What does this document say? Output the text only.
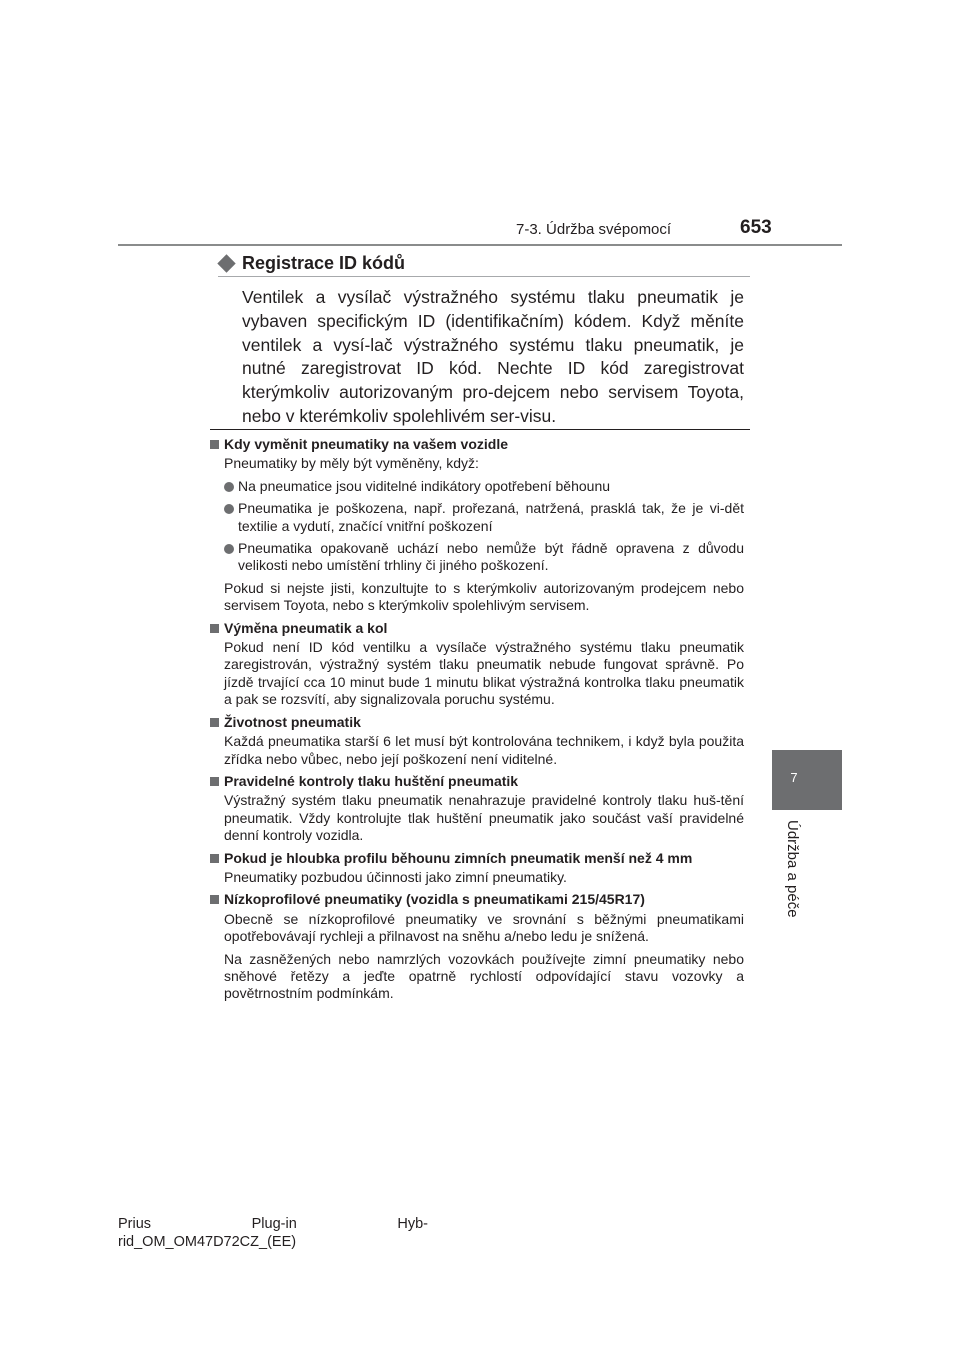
7-3. Údržba svépomocí	653
7
Údržba a péče
Registrace ID kódů
Ventilek a vysílač výstražného systému tlaku pneumatik je vybaven specifickým ID (identifikačním) kódem. Když měníte ventilek a vysí-lač výstražného systému tlaku pneumatik, je nutné zaregistrovat ID kód. Nechte ID kód zaregistrovat kterýmkoliv autorizovaným pro-dejcem nebo servisem Toyota, nebo v kterémkoliv spolehlivém ser-visu.
Kdy vyměnit pneumatiky na vašem vozidle
Pneumatiky by měly být vyměněny, když:
Na pneumatice jsou viditelné indikátory opotřebení běhounu
Pneumatika je poškozena, např. prořezaná, natržená, prasklá tak, že je vi-dět textilie a vydutí, značící vnitřní poškození
Pneumatika opakovaně uchází nebo nemůže být řádně opravena z důvodu velikosti nebo umístění trhliny či jiného poškození.
Pokud si nejste jisti, konzultujte to s kterýmkoliv autorizovaným prodejcem nebo servisem Toyota, nebo s kterýmkoliv spolehlivým servisem.
Výměna pneumatik a kol
Pokud není ID kód ventilku a vysílače výstražného systému tlaku pneumatik zaregistrován, výstražný systém tlaku pneumatik nebude fungovat správně. Po jízdě trvající cca 10 minut bude 1 minutu blikat výstražná kontrolka tlaku pneumatik a pak se rozsvítí, aby signalizovala poruchu systému.
Životnost pneumatik
Každá pneumatika starší 6 let musí být kontrolována technikem, i když byla použita zřídka nebo vůbec, nebo její poškození není viditelné.
Pravidelné kontroly tlaku huštění pneumatik
Výstražný systém tlaku pneumatik nenahrazuje pravidelné kontroly tlaku huš-tění pneumatik. Vždy kontrolujte tlak huštění pneumatik jako součást vaší pravidelné denní kontroly vozidla.
Pokud je hloubka profilu běhounu zimních pneumatik menší než 4 mm
Pneumatiky pozbudou účinnosti jako zimní pneumatiky.
Nízkoprofilové pneumatiky (vozidla s pneumatikami 215/45R17)
Obecně se nízkoprofilové pneumatiky ve srovnání s běžnými pneumatikami opotřebovávají rychleji a přilnavost na sněhu a/nebo ledu je snížená.
Na zasněžených nebo namrzlých vozovkách používejte zimní pneumatiky nebo sněhové řetězy a jeďte opatrně rychlostí odpovídající stavu vozovky a povětrnostním podmínkám.
Prius	Plug-in	Hyb-
rid_OM_OM47D72CZ_(EE)
